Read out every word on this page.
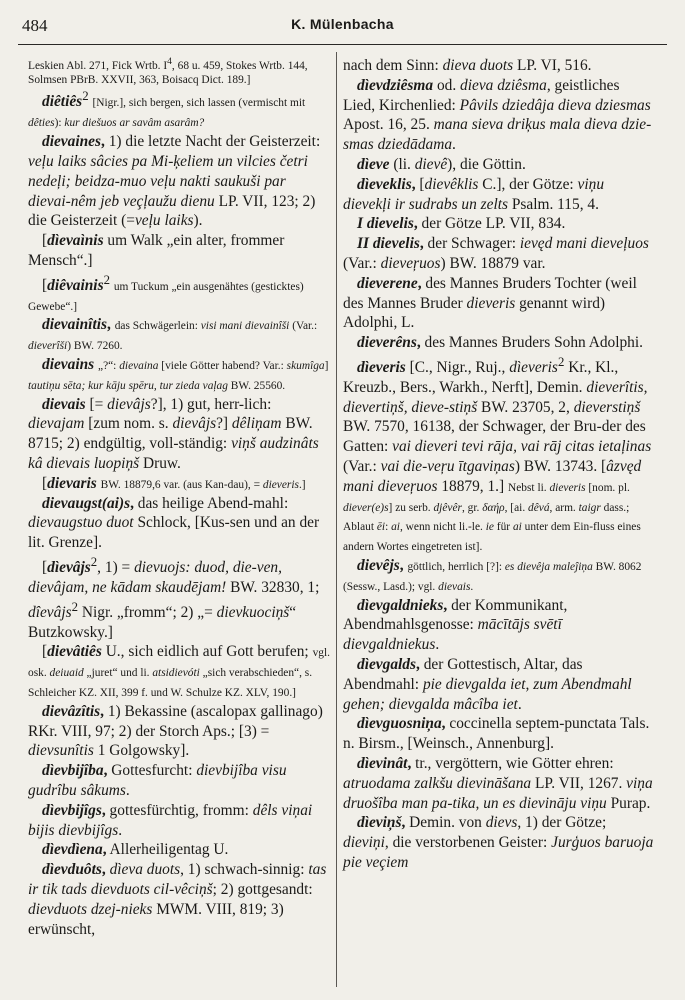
484	K. Mülenbacha

Leskien Abl. 271, Fick Wrtb. $I^4$, 68 u. 459, Stokes Wrtb. 144, Solmsen PBrB. XXVII, 363, Boisacq Dict. 189.]

diêtiês$^2$ [Nigr.], sich bergen, sich lassen (vermischt mit dêties): kur diešuos ar savâm asarâm?

dievaines, 1) die letzte Nacht der Geisterzeit: veļu laiks sâcies pa Mi-ķeliem un vilcies četri nedeļi; beidza-muo veļu nakti saukuši par dievai-nêm jeb veçļaužu dienu LP. VII, 123; 2) die Geisterzeit (=veļu laiks).

[dìevaìnis um Walk „ein alter, frommer Mensch“.]

[diêvainis$^2$ um Tuckum „ein ausgenähtes (gesticktes) Gewebe“.]

dievainîtis, das Schwägerlein: visi mani dievainîši (Var.: dieverîši) BW. 7260.

dievains „?“: dievaina [viele Götter habend? Var.: skumîga] tautiņu sēta; kur kāju spēru, tur zieda vaļag BW. 25560.

dievais [= dievâjs?], 1) gut, herr-lich: dievajam [zum nom. s. dievâjs?] dêliņam BW. 8715; 2) endgültig, voll-ständig: viņš audzinâts kâ dievais luopiņš Druw.

[dievaris BW. 18879,6 var. (aus Kan-dau), = dieveris.]

dievaugst(ai)s, das heilige Abend-mahl: dievaugstuo duot Schlock, [Kus-sen und an der lit. Grenze].

[dìevâjs$^2$, 1) = dievuojs: duod, die-ven, dievâjam, ne kādam skaudējam! BW. 32830, 1; dîevâjs$^2$ Nigr. „fromm“; 2) „= dievkuociņš“ Butzkowsky.]

[dievâtiês U., sich eidlich auf Gott berufen; vgl. osk. deiuaid „juret“ und li. atsidievóti „sich verabschieden“, s. Schleicher KZ. XII, 399 f. und W. Schulze KZ. XLV, 190.]

dievâzîtis, 1) Bekassine (ascalopax gallinago) RKr. VIII, 97; 2) der Storch Aps.; [3) = dievsunîtis 1 Golgowsky].

dìevbijîba, Gottesfurcht: dievbijîba visu gudrîbu sâkums.

dìevbijîgs, gottesfürchtig, fromm: dêls viņai bijis dievbijîgs.

dìevdìena, Allerheiligentag U.

dìevduôts, dìeva duots, 1) schwach-sinnig: tas ir tik tads dievduots cil-vêciņš; 2) gottgesandt: dievduots dzej-nieks MWM. VIII, 819; 3) erwünscht,

nach dem Sinn: dieva duots LP. VI, 516.

dìevdziêsma od. dieva dziêsma, geistliches Lied, Kirchenlied: Pâvils dziedâja dieva dziesmas Apost. 16, 25. mana sieva driķus mala dieva dzie-smas dziedādama.

dìeve (li. dievê), die Göttin.

dìeveklis, [dievêklis C.], der Götze: viņu dievekļi ir sudrabs un zelts Psalm. 115, 4.

I dievelis, der Götze LP. VII, 834.

II dievelis, der Schwager: ievęd mani dieveļuos (Var.: dieveŗuos) BW. 18879 var.

dieverene, des Mannes Bruders Tochter (weil des Mannes Bruder dieveris genannt wird) Adolphi, L.

dieverêns, des Mannes Bruders Sohn Adolphi.

dìeveris [C., Nigr., Ruj., dìeveris$^2$ Kr., Kl., Kreuzb., Bers., Warkh., Nerft], Demin. dieverîtis, dievertiņš, dieve-stiņš BW. 23705, 2, dieverstiņš BW. 7570, 16138, der Schwager, der Bru-der des Gatten: vai dieveri tevi rāja, vai rāj citas ietaļinas (Var.: vai die-veŗu ītgaviņas) BW. 13743. [âzvęd mani dieveŗuos 18879, 1.] Nebst li. dieveris [nom. pl. diever(e)s] zu serb. djêvêr, gr. δαήρ, [ai. dêvá, arm. taigr dass.; Ablaut ēi: ai, wenn nicht li.-le. ie für ai unter dem Ein-fluss eines andern Wortes eingetreten ist].

dievêjs, göttlich, herrlich [?]: es dievêja maleĵiņa BW. 8062 (Sessw., Lasd.); vgl. dievais.

dìevgaldnieks, der Kommunikant, Abendmahlsgenosse: mācītājs svētī dievgaldniekus.

dìevgalds, der Gottestisch, Altar, das Abendmahl: pie dievgalda iet, zum Abendmahl gehen; dievgalda mâcîba iet.

dìevguosniņa, coccinella septem-punctata Tals. n. Birsm., [Weinsch., Annenburg].

dìevinât, tr., vergöttern, wie Götter ehren: atruodama zalkšu dievināšana LP. VII, 1267. viņa druošîba man pa-tika, un es dievināju viņu Purap.

dìeviņš, Demin. von dievs, 1) der Götze; dieviņi, die verstorbenen Geister: Jurģuos baruoja pie veçiem
